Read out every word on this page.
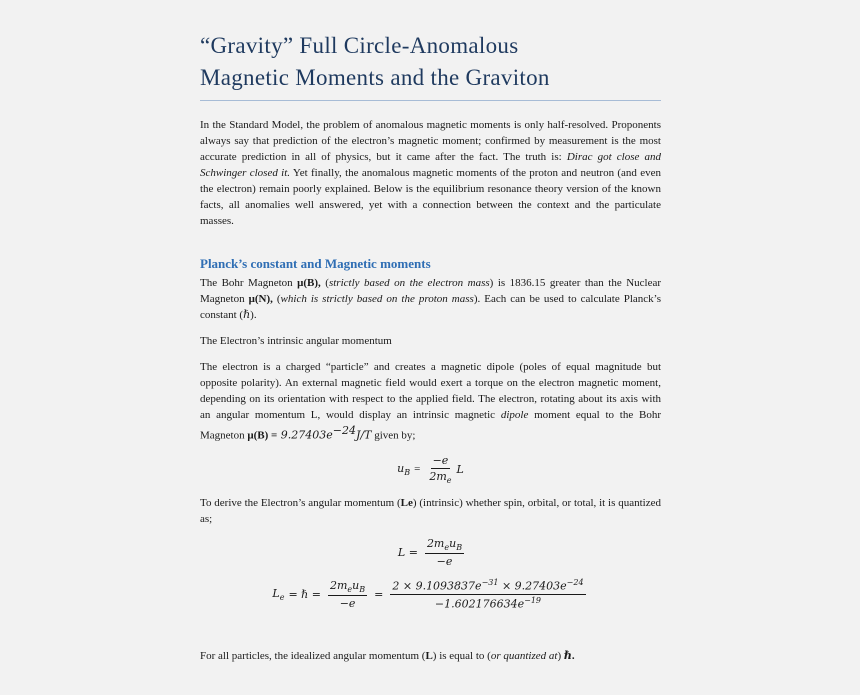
“Gravity” Full Circle-Anomalous
Magnetic Moments and the Graviton

In the Standard Model, the problem of anomalous magnetic moments is only half-resolved. Proponents always say that prediction of the electron’s magnetic moment; confirmed by measurement is the most accurate prediction in all of physics, but it came after the fact. The truth is: Dirac got close and Schwinger closed it. Yet finally, the anomalous magnetic moments of the proton and neutron (and even the electron) remain poorly explained. Below is the equilibrium resonance theory version of the known facts, all anomalies well answered, yet with a connection between the context and the particulate masses.

Planck’s constant and Magnetic moments

The Bohr Magneton μ(B), (strictly based on the electron mass) is 1836.15 greater than the Nuclear Magneton μ(N), (which is strictly based on the proton mass). Each can be used to calculate Planck’s constant (ℏ).

The Electron’s intrinsic angular momentum

The electron is a charged “particle” and creates a magnetic dipole (poles of equal magnitude but opposite polarity). An external magnetic field would exert a torque on the electron magnetic moment, depending on its orientation with respect to the applied field. The electron, rotating about its axis with an angular momentum L, would display an intrinsic magnetic dipole moment equal to the Bohr Magneton $\mu(B) = 9.27403e^{-24}J/T$ given by;

$u_B = \frac{-e}{2m_e}$ L

To derive the Electron’s angular momentum (Le) (intrinsic) whether spin, orbital, or total, it is quantized as;

$L = \frac{2m_eu_B}{-e}$
$L_e$ = ℏ = $\frac{2m_eu_B}{-e} = \frac{2 \times 9.1093837e^{-31} \times 9.27403e^{-24}}{-1.602176634e^{-19}}$

For all particles, the idealized angular momentum (L) is equal to (or quantized at) ℏ.
